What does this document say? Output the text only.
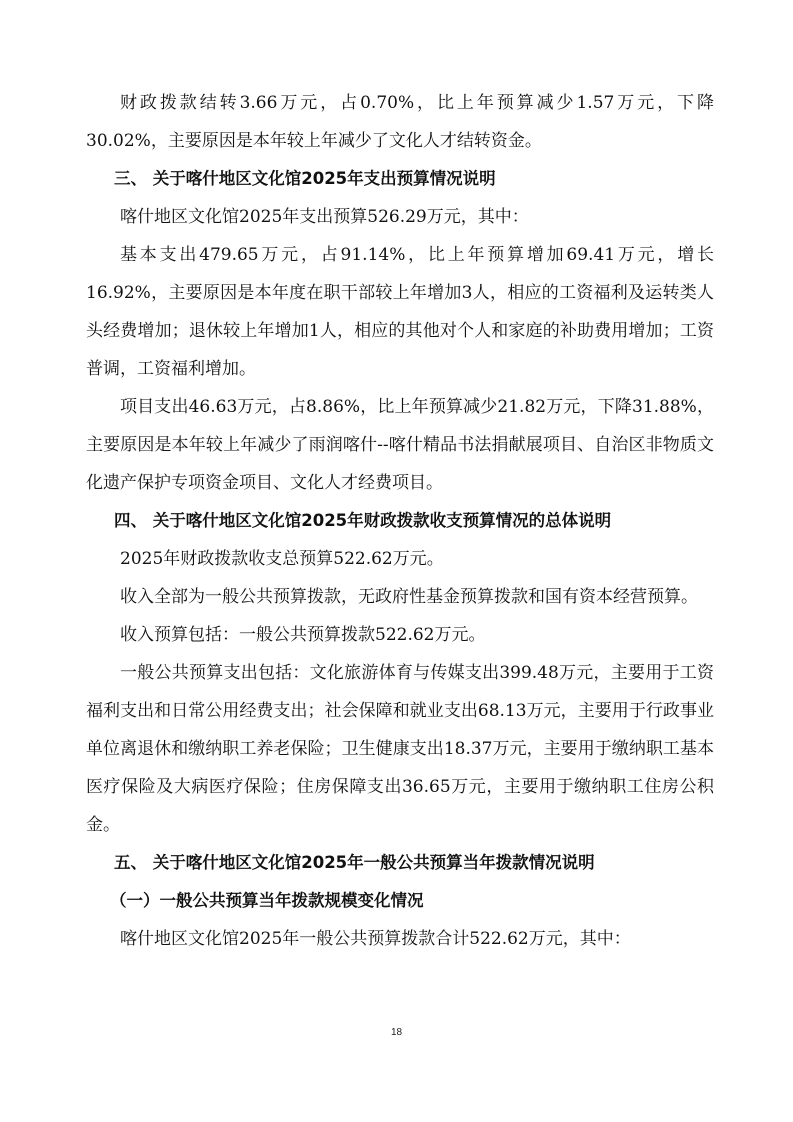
财政拨款结转3.66万元，占0.70%，比上年预算减少1.57万元，下降30.02%，主要原因是本年较上年减少了文化人才结转资金。

三、 关于喀什地区文化馆2025年支出预算情况说明

喀什地区文化馆2025年支出预算526.29万元，其中：

基本支出479.65万元，占91.14%，比上年预算增加69.41万元，增长16.92%，主要原因是本年度在职干部较上年增加3人，相应的工资福利及运转类人头经费增加；退休较上年增加1人，相应的其他对个人和家庭的补助费用增加；工资普调，工资福利增加。

项目支出46.63万元，占8.86%，比上年预算减少21.82万元，下降31.88%，主要原因是本年较上年减少了雨润喀什--喀什精品书法捐献展项目、自治区非物质文化遗产保护专项资金项目、文化人才经费项目。

四、 关于喀什地区文化馆2025年财政拨款收支预算情况的总体说明

2025年财政拨款收支总预算522.62万元。

收入全部为一般公共预算拨款，无政府性基金预算拨款和国有资本经营预算。

收入预算包括：一般公共预算拨款522.62万元。

一般公共预算支出包括：文化旅游体育与传媒支出399.48万元，主要用于工资福利支出和日常公用经费支出；社会保障和就业支出68.13万元，主要用于行政事业单位离退休和缴纳职工养老保险；卫生健康支出18.37万元，主要用于缴纳职工基本医疗保险及大病医疗保险；住房保障支出36.65万元，主要用于缴纳职工住房公积金。

五、 关于喀什地区文化馆2025年一般公共预算当年拨款情况说明

（一）一般公共预算当年拨款规模变化情况

喀什地区文化馆2025年一般公共预算拨款合计522.62万元，其中：

18
